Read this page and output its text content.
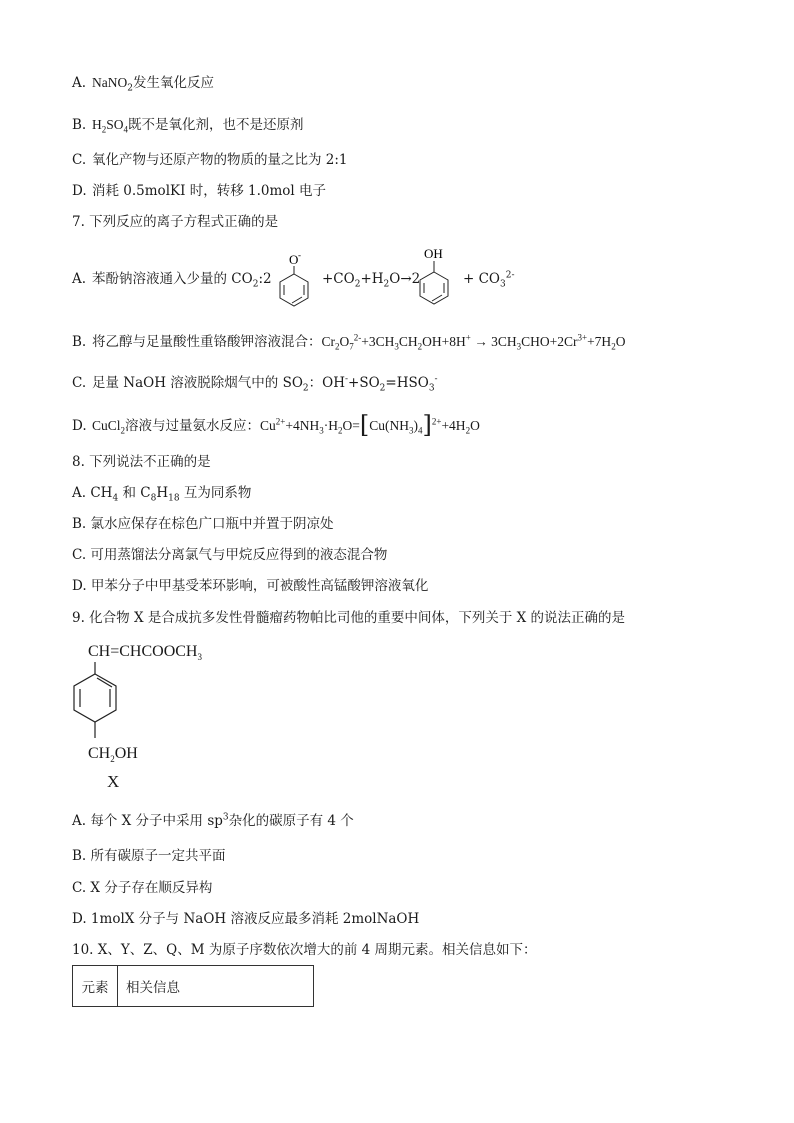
A. NaNO$_2$发生氧化反应
B. $H_2SO_4$既不是氧化剂，也不是还原剂
C. 氧化产物与还原产物的物质的量之比为 2:1
D. 消耗 0.5molKI 时，转移 1.0mol 电子
7. 下列反应的离子方程式正确的是
A. 苯酚钠溶液通入少量的 $CO_2:2$
O -
$+CO_2+H_2O\to 2$
OH
+ $CO_3^{2-}$
B. 将乙醇与足量酸性重铬酸钾溶液混合：$Cr_2O_7^{2-}+3CH_3CH_2OH+8H^+ \to 3CH_3CHO+2Cr^{3+}+7H_2O$
C. 足量 NaOH 溶液脱除烟气中的 $SO_2$：$OH^-+SO_2=HSO_3^-$
D. CuCl$_2$溶液与过量氨水反应：$Cu^{2+}+4NH_3\cdot H_2O=[Cu(NH_3)_4]^{2+}+4H_2O$
8. 下列说法不正确的是
A. $CH_4$ 和 $C_8H_{18}$ 互为同系物
B. 氯水应保存在棕色广口瓶中并置于阴凉处
C. 可用蒸馏法分离氯气与甲烷反应得到的液态混合物
D. 甲苯分子中甲基受苯环影响，可被酸性高锰酸钾溶液氧化
9. 化合物 X 是合成抗多发性骨髓瘤药物帕比司他的重要中间体，下列关于 X 的说法正确的是
$CH=CHCOOCH_3$
$CH_2OH$
X
A. 每个 X 分子中采用 $sp^3$杂化的碳原子有 4 个
B. 所有碳原子一定共平面
C. X 分子存在顺反异构
D. 1molX 分子与 NaOH 溶液反应最多消耗 2molNaOH
10. X、Y、Z、Q、M 为原子序数依次增大的前 4 周期元素。相关信息如下：
元素	相关信息
